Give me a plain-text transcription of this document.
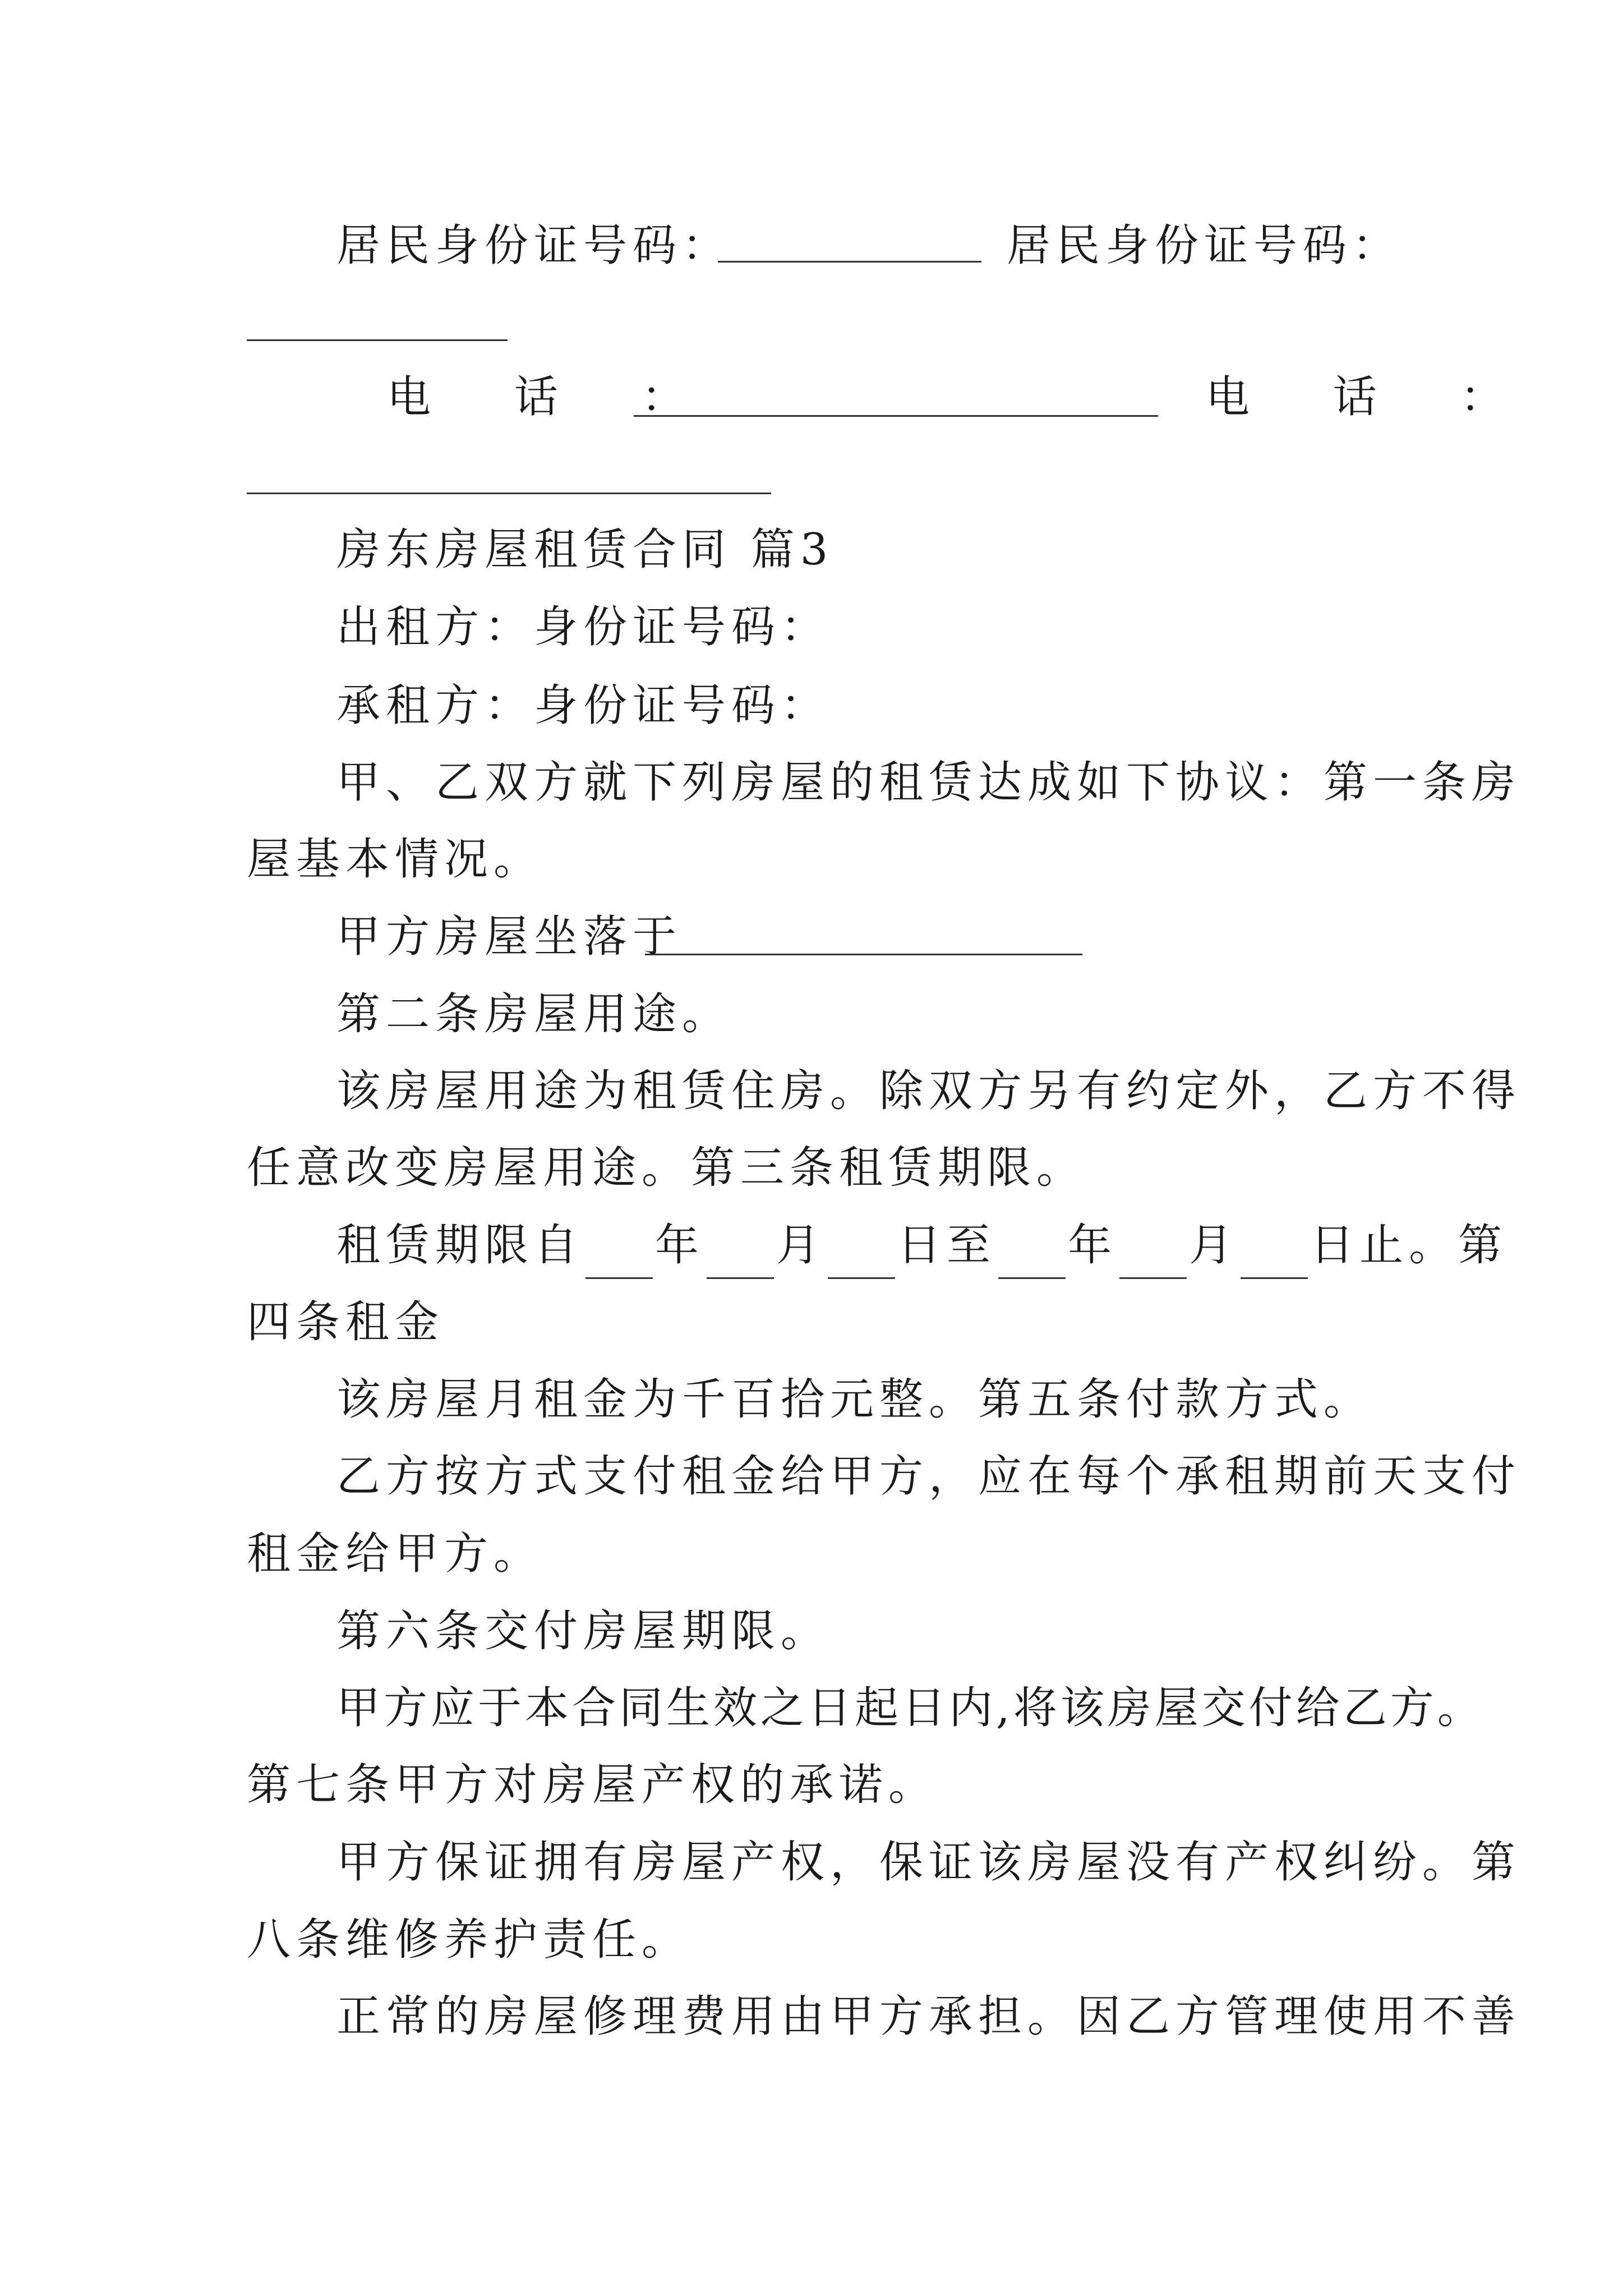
居民身份证号码：	居民身份证号码：
电 话 ：	电 话 ：
房东房屋租赁合同 篇3
出租方：身份证号码：
承租方：身份证号码：
甲、乙双方就下列房屋的租赁达成如下协议：第一条房
屋基本情况。
甲方房屋坐落于
第二条房屋用途。
该房屋用途为租赁住房。除双方另有约定外，乙方不得
任意改变房屋用途。第三条租赁期限。
租赁期限自 年 月 日至 年 月 日止。第
四条租金
该房屋月租金为千百拾元整。第五条付款方式。
乙方按方式支付租金给甲方，应在每个承租期前天支付
租金给甲方。
第六条交付房屋期限。
甲方应于本合同生效之日起日内,将该房屋交付给乙方。
第七条甲方对房屋产权的承诺。
甲方保证拥有房屋产权，保证该房屋没有产权纠纷。第
八条维修养护责任。
正常的房屋修理费用由甲方承担。因乙方管理使用不善
